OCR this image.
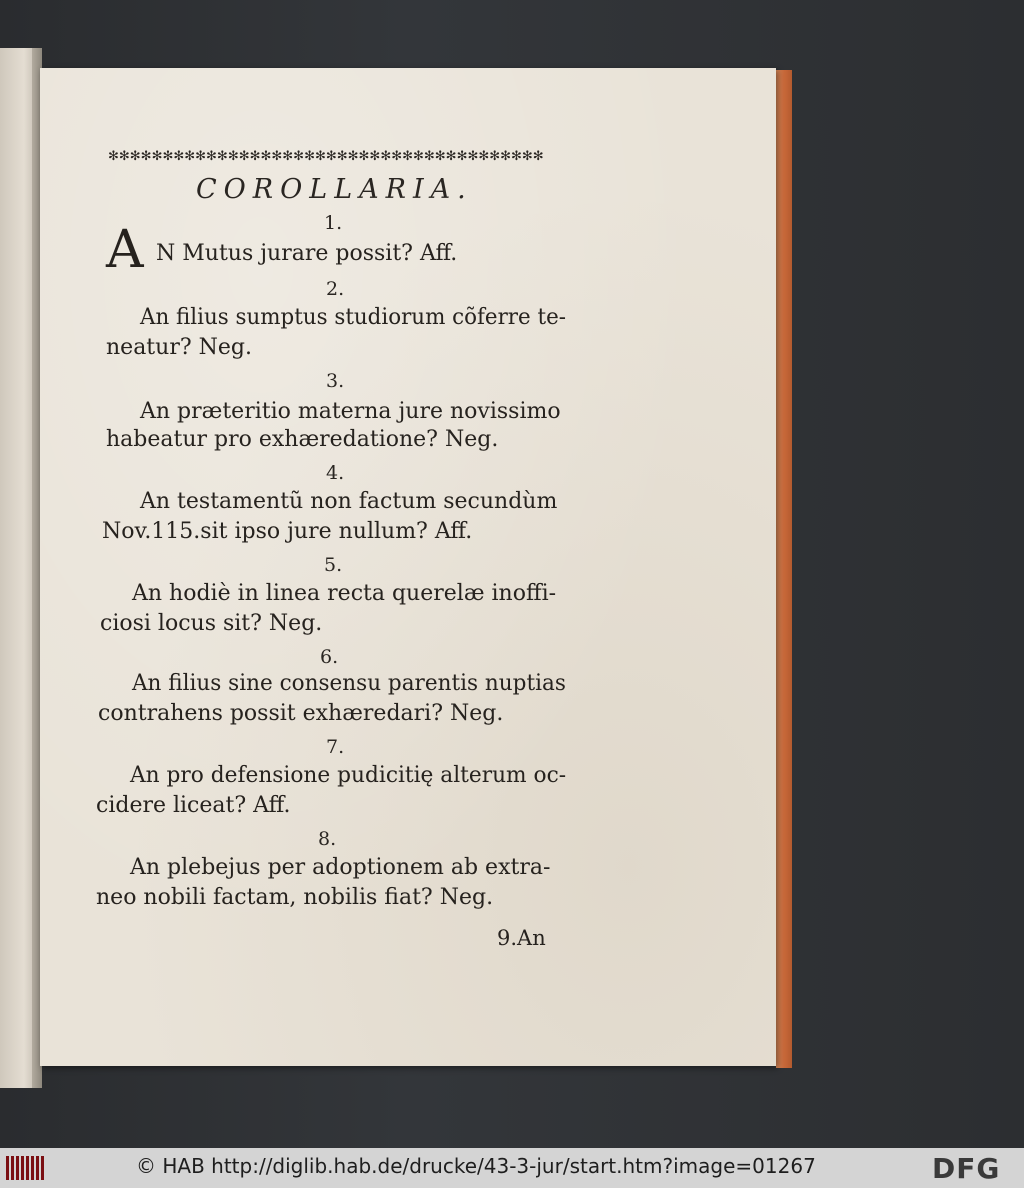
✻✻✻✻✻✻✻✻✻✻✻✻✻✻✻✻✻✻✻✻✻✻✻✻✻✻✻✻✻✻✻✻✻✻✻✻✻✻✻✻
COROLLARIA.
1.
A N Mutus jurare possit? Aff.
2.
An filius sumptus studiorum cõferre te-
neatur? Neg.
3.
An præteritio materna jure novissimo
habeatur pro exhæredatione? Neg.
4.
An testamentũ non factum secundùm
Nov.115.sit ipso jure nullum? Aff.
5.
An hodiè in linea recta querelæ inoffi-
ciosi locus sit? Neg.
6.
An filius sine consensu parentis nuptias
contrahens possit exhæredari? Neg.
7.
An pro defensione pudicitię alterum oc-
cidere liceat? Aff.
8.
An plebejus per adoptionem ab extra-
neo nobili factam, nobilis fiat? Neg.
9.An
© HAB http://diglib.hab.de/drucke/43-3-jur/start.htm?image=01267	DFG
